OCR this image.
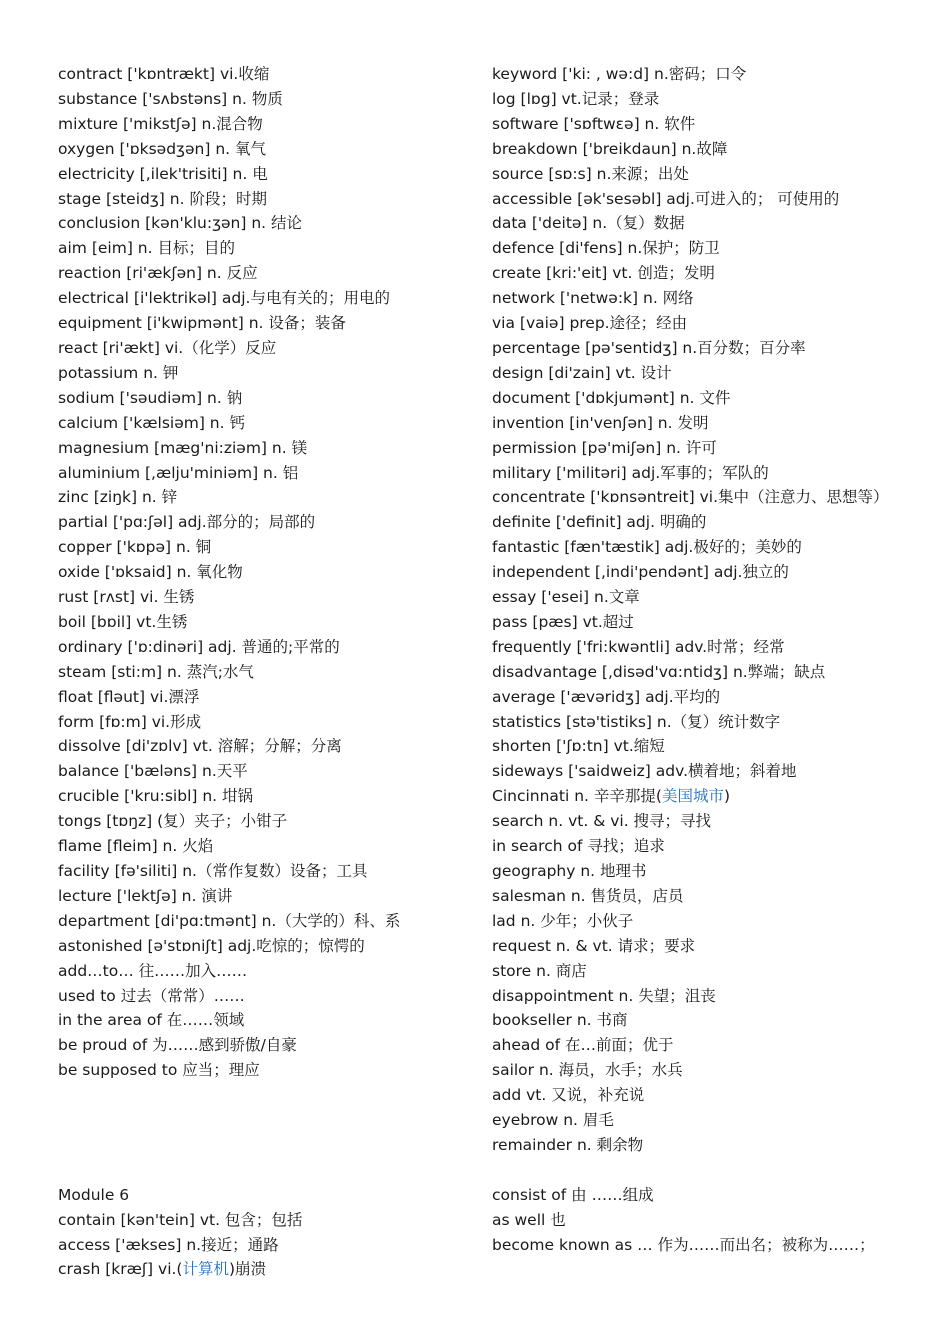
contract ['kɒntrækt] vi.收缩
substance ['sʌbstəns] n. 物质
mixture ['mikstʃə] n.混合物
oxygen ['ɒksədʒən] n. 氧气
electricity [,ilek'trisiti] n. 电
stage [steidʒ] n. 阶段；时期
conclusion [kən'klu:ʒən] n. 结论
aim [eim] n. 目标；目的
reaction [ri'ækʃən] n. 反应
electrical [i'lektrikəl] adj.与电有关的；用电的
equipment [i'kwipmənt] n. 设备；装备
react [ri'ækt] vi.（化学）反应
potassium n. 钾
sodium ['səudiəm] n. 钠
calcium ['kælsiəm] n. 钙
magnesium [mæg'ni:ziəm] n. 镁
aluminium [,ælju'miniəm] n. 铝
zinc [ziŋk] n. 锌
partial ['pɑ:ʃəl] adj.部分的；局部的
copper ['kɒpə] n. 铜
oxide ['ɒksaid] n. 氧化物
rust [rʌst] vi. 生锈
boil [bɒil] vt.生锈
ordinary ['ɒ:dinəri] adj. 普通的;平常的
steam [sti:m] n. 蒸汽;水气
float [fləut] vi.漂浮
form [fɒ:m] vi.形成
dissolve [di'zɒlv] vt. 溶解；分解；分离
balance ['bæləns] n.天平
crucible ['kru:sibl] n. 坩锅
tongs [tɒŋz] (复）夹子；小钳子
flame [fleim] n. 火焰
facility [fə'siliti] n.（常作复数）设备；工具
lecture ['lektʃə] n. 演讲
department [di'pɑ:tmənt] n.（大学的）科、系
astonished [ə'stɒniʃt] adj.吃惊的；惊愕的
add…to… 往……加入……
used to 过去（常常）……
in the area of 在……领域
be proud of 为……感到骄傲/自豪
be supposed to 应当；理应
Module 6
contain [kən'tein] vt. 包含；包括
access ['ækses] n.接近；通路
crash [kræʃ] vi.(计算机)崩溃
keyword ['ki: , wə:d] n.密码；口令
log [lɒg] vt.记录；登录
software ['sɒftwεə] n. 软件
breakdown ['breikdaun] n.故障
source [sɒ:s] n.来源；出处
accessible [ək'sesəbl] adj.可进入的； 可使用的
data ['deitə] n.（复）数据
defence [di'fens] n.保护；防卫
create [kri:'eit] vt. 创造；发明
network ['netwə:k] n. 网络
via [vaiə] prep.途径；经由
percentage [pə'sentidʒ] n.百分数；百分率
design [di'zain] vt. 设计
document ['dɒkjumənt] n. 文件
invention [in'venʃən] n. 发明
permission [pə'miʃən] n. 许可
military ['militəri] adj.军事的；军队的
concentrate ['kɒnsəntreit] vi.集中（注意力、思想等）
definite ['definit] adj. 明确的
fantastic [fæn'tæstik] adj.极好的；美妙的
independent [,indi'pendənt] adj.独立的
essay ['esei] n.文章
pass [pæs] vt.超过
frequently ['fri:kwəntli] adv.时常；经常
disadvantage [,disəd'vɑ:ntidʒ] n.弊端；缺点
average ['ævəridʒ] adj.平均的
statistics [stə'tistiks] n.（复）统计数字
shorten ['ʃɒ:tn] vt.缩短
sideways ['saidweiz] adv.横着地；斜着地
Cincinnati n. 辛辛那提(美国城市)
search n. vt. & vi. 搜寻；寻找
in search of 寻找；追求
geography n. 地理书
salesman n. 售货员，店员
lad n. 少年；小伙子
request n. & vt. 请求；要求
store n. 商店
disappointment n. 失望；沮丧
bookseller n. 书商
ahead of 在…前面；优于
sailor n. 海员，水手；水兵
add vt. 又说，补充说
eyebrow n. 眉毛
remainder n. 剩余物
consist of 由 ……组成
as well 也
become known as … 作为……而出名；被称为……；
